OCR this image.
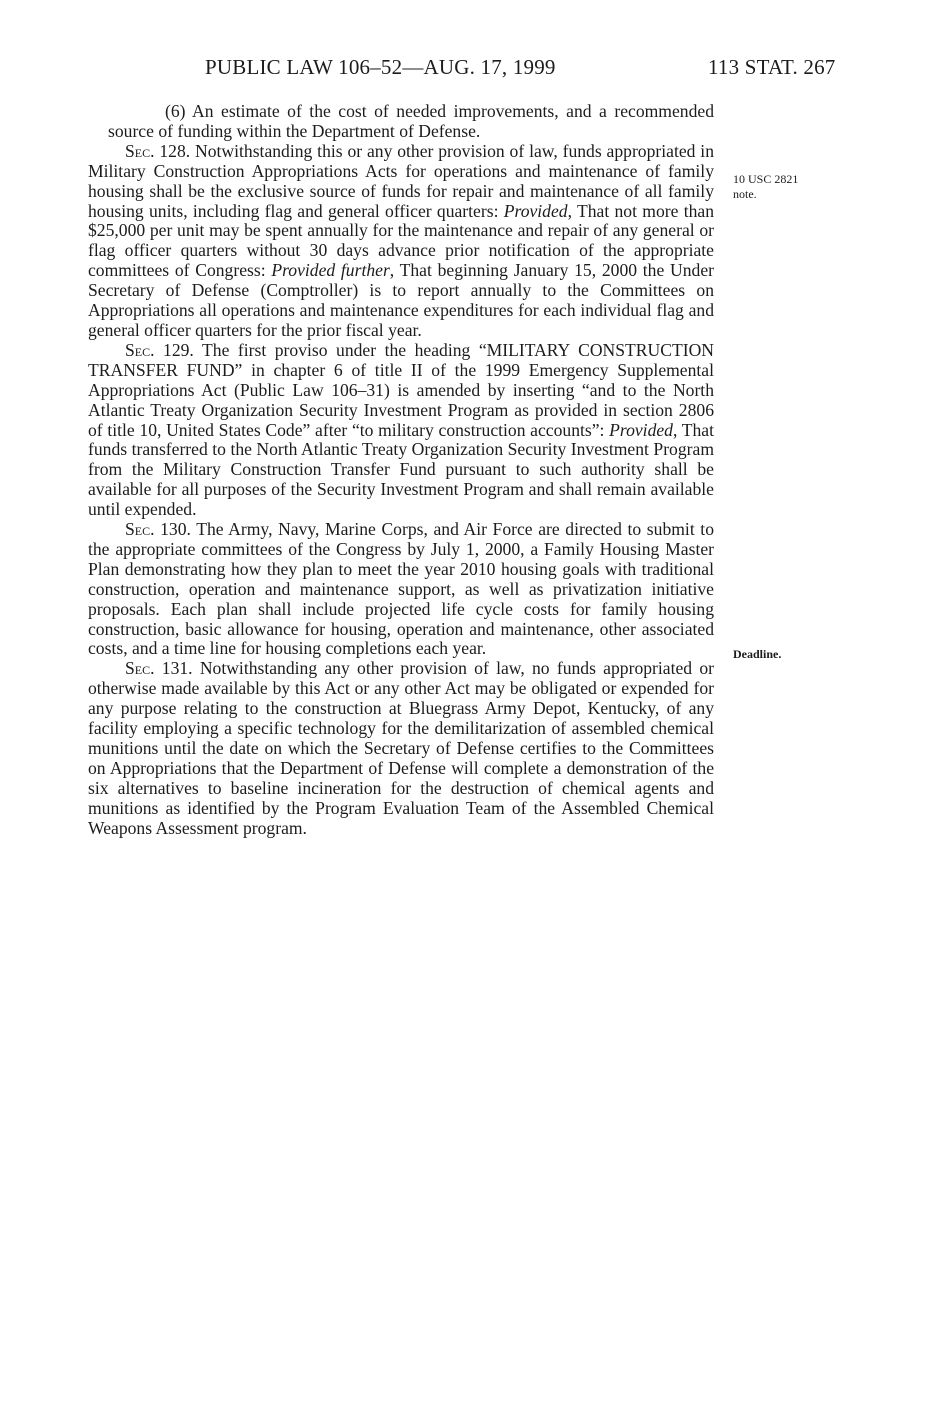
PUBLIC LAW 106–52—AUG. 17, 1999	113 STAT. 267

(6) An estimate of the cost of needed improvements, and a recommended source of funding within the Department of Defense.

Sec. 128. Notwithstanding this or any other provision of law, funds appropriated in Military Construction Appropriations Acts for operations and maintenance of family housing shall be the exclusive source of funds for repair and maintenance of all family housing units, including flag and general officer quarters: Provided, That not more than $25,000 per unit may be spent annually for the maintenance and repair of any general or flag officer quarters without 30 days advance prior notification of the appropriate committees of Congress: Provided further, That beginning January 15, 2000 the Under Secretary of Defense (Comptroller) is to report annually to the Committees on Appropriations all operations and maintenance expenditures for each individual flag and general officer quarters for the prior fiscal year.

Sec. 129. The first proviso under the heading “MILITARY CONSTRUCTION TRANSFER FUND” in chapter 6 of title II of the 1999 Emergency Supplemental Appropriations Act (Public Law 106–31) is amended by inserting “and to the North Atlantic Treaty Organization Security Investment Program as provided in section 2806 of title 10, United States Code” after “to military construction accounts”: Provided, That funds transferred to the North Atlantic Treaty Organization Security Investment Program from the Military Construction Transfer Fund pursuant to such authority shall be available for all purposes of the Security Investment Program and shall remain available until expended.

Sec. 130. The Army, Navy, Marine Corps, and Air Force are directed to submit to the appropriate committees of the Congress by July 1, 2000, a Family Housing Master Plan demonstrating how they plan to meet the year 2010 housing goals with traditional construction, operation and maintenance support, as well as privatization initiative proposals. Each plan shall include projected life cycle costs for family housing construction, basic allowance for housing, operation and maintenance, other associated costs, and a time line for housing completions each year.

Sec. 131. Notwithstanding any other provision of law, no funds appropriated or otherwise made available by this Act or any other Act may be obligated or expended for any purpose relating to the construction at Bluegrass Army Depot, Kentucky, of any facility employing a specific technology for the demilitarization of assembled chemical munitions until the date on which the Secretary of Defense certifies to the Committees on Appropriations that the Department of Defense will complete a demonstration of the six alternatives to baseline incineration for the destruction of chemical agents and munitions as identified by the Program Evaluation Team of the Assembled Chemical Weapons Assessment program.

10 USC 2821
note.
Deadline.
